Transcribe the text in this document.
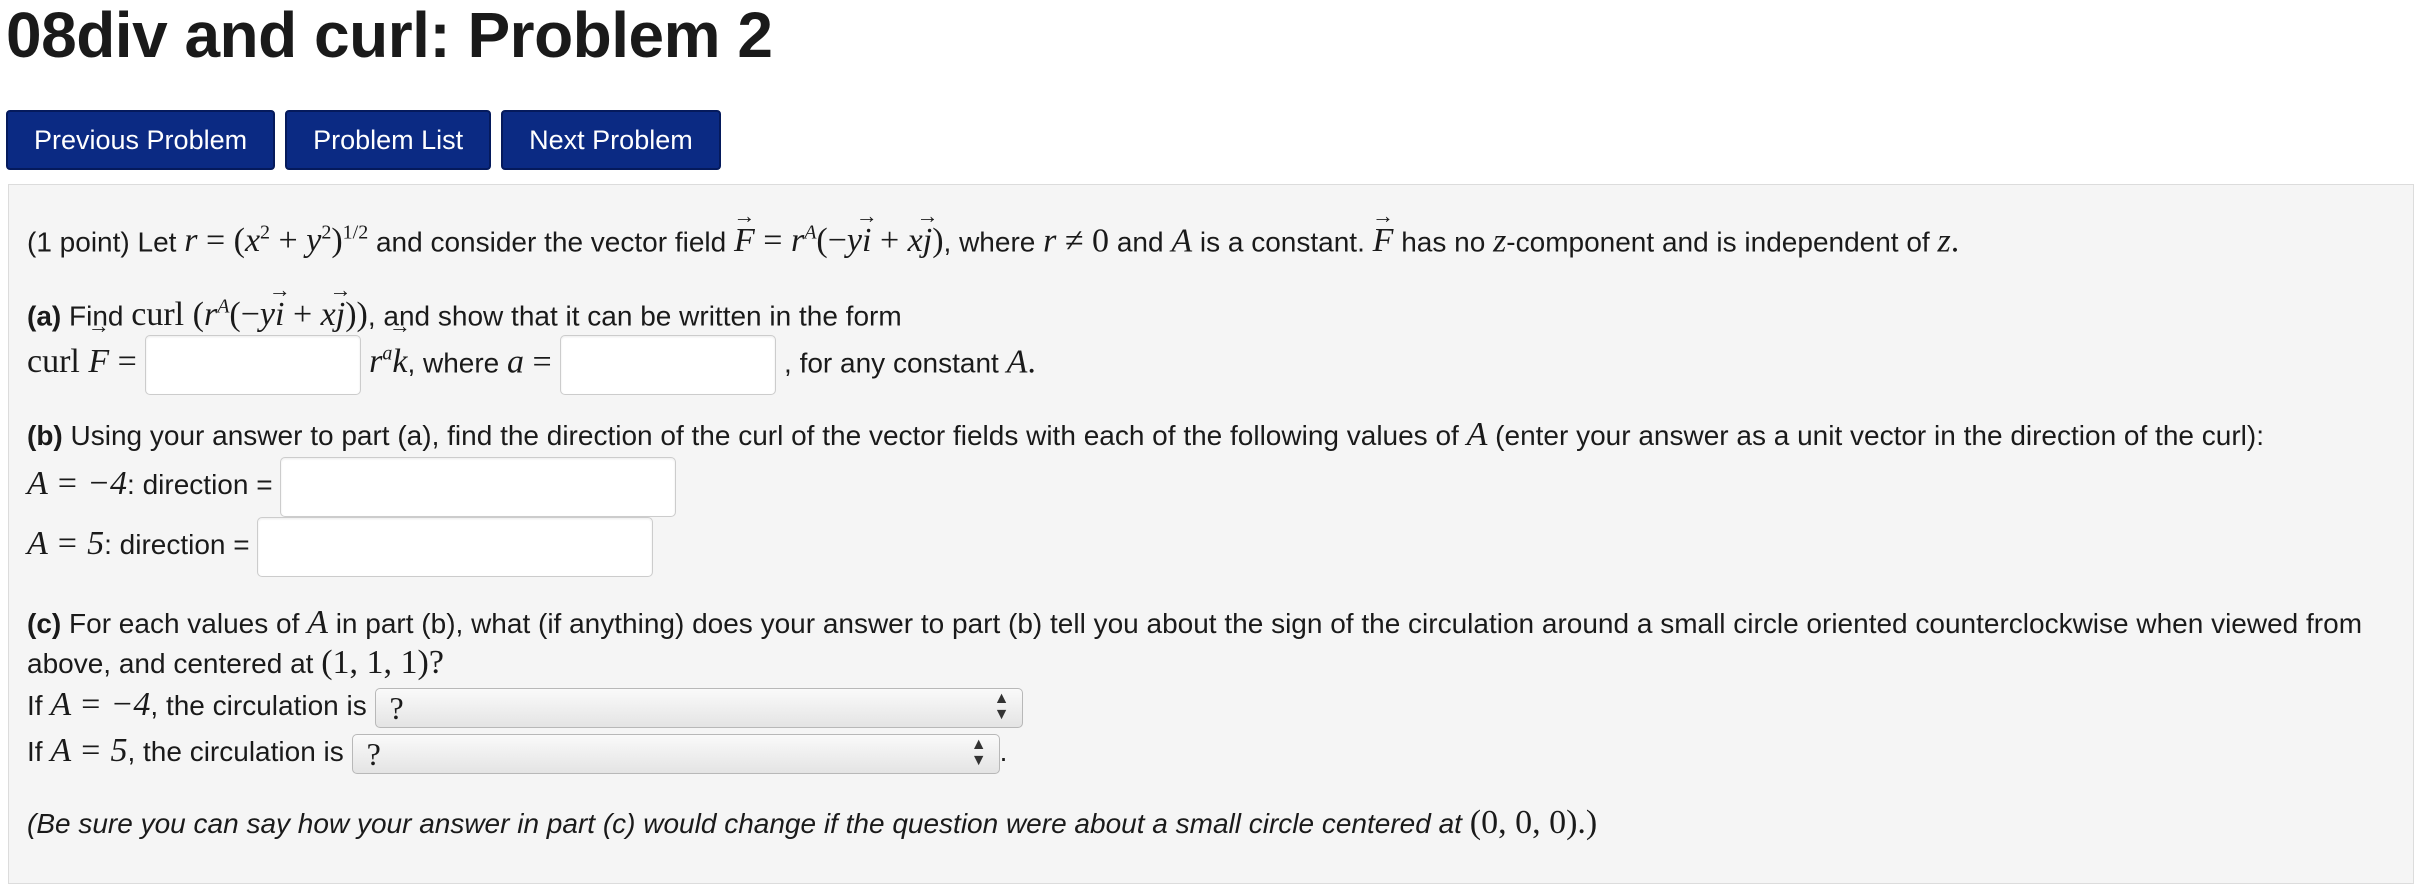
08div and curl: Problem 2
Previous Problem	Problem List	Next Problem
(1 point) Let $r = (x^2 + y^2)^{1/2}$ and consider the vector field → $F = r^A(-y\to i + x\to j)$, where r ≠ 0 and A is a constant. → F has no z-component and is independent of z.
(a) Find curl $(r^A(-y\to i + x\to j))$, and show that it can be written in the form
curl → F =	$r^a\to k$, where a =	, for any constant A.
(b) Using your answer to part (a), find the direction of the curl of the vector fields with each of the following values of A (enter your answer as a unit vector in the direction of the curl):
A = −4: direction =
A = 5: direction =
(c) For each values of A in part (b), what (if anything) does your answer to part (b) tell you about the sign of the circulation around a small circle oriented counterclockwise when viewed from
above, and centered at (1, 1, 1)?
If A = −4, the circulation is ?	▲
▼
If A = 5, the circulation is ?	▲
▼ .
(Be sure you can say how your answer in part (c) would change if the question were about a small circle centered at (0, 0, 0).)
